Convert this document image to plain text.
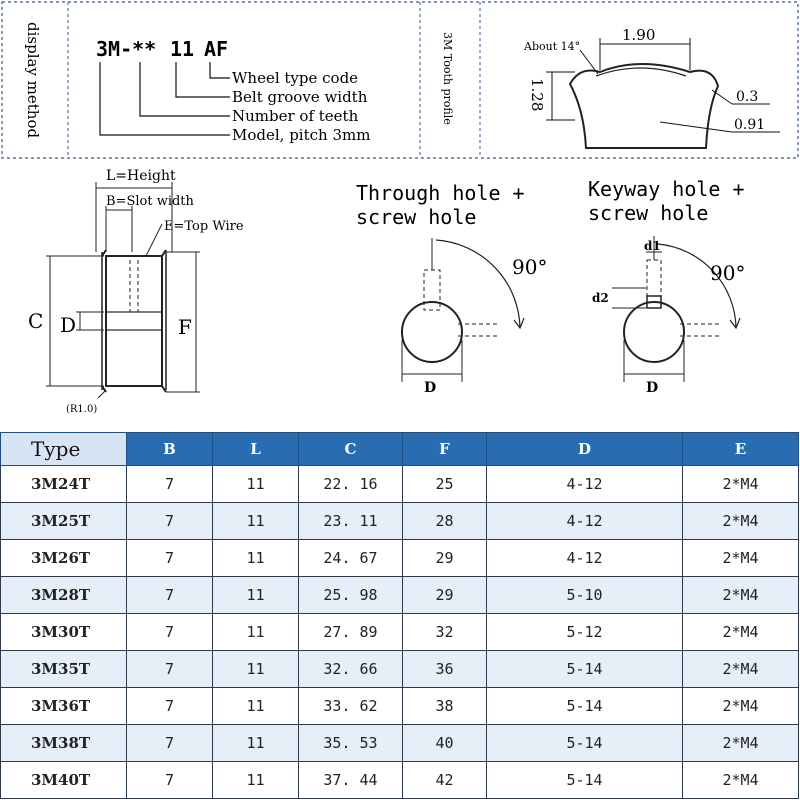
display method	3M Tooth profile
3M-** 11 AF
Wheel type code
Belt groove width
Number of teeth
Model, pitch 3mm
1.90
About 14°
1.28	0.3
0.91
L=Height
B=Slot width
E=Top Wire
C D	F
(R1.0)
Through hole +
screw hole
90°
D
Keyway hole +
screw hole
90°
d1
d2
D
Type	B	L	C	F	D	E
3M24T	7	11	22. 16	25	4-12	2*M4
3M25T	7	11	23. 11	28	4-12	2*M4
3M26T	7	11	24. 67	29	4-12	2*M4
3M28T	7	11	25. 98	29	5-10	2*M4
3M30T	7	11	27. 89	32	5-12	2*M4
3M35T	7	11	32. 66	36	5-14	2*M4
3M36T	7	11	33. 62	38	5-14	2*M4
3M38T	7	11	35. 53	40	5-14	2*M4
3M40T	7	11	37. 44	42	5-14	2*M4
